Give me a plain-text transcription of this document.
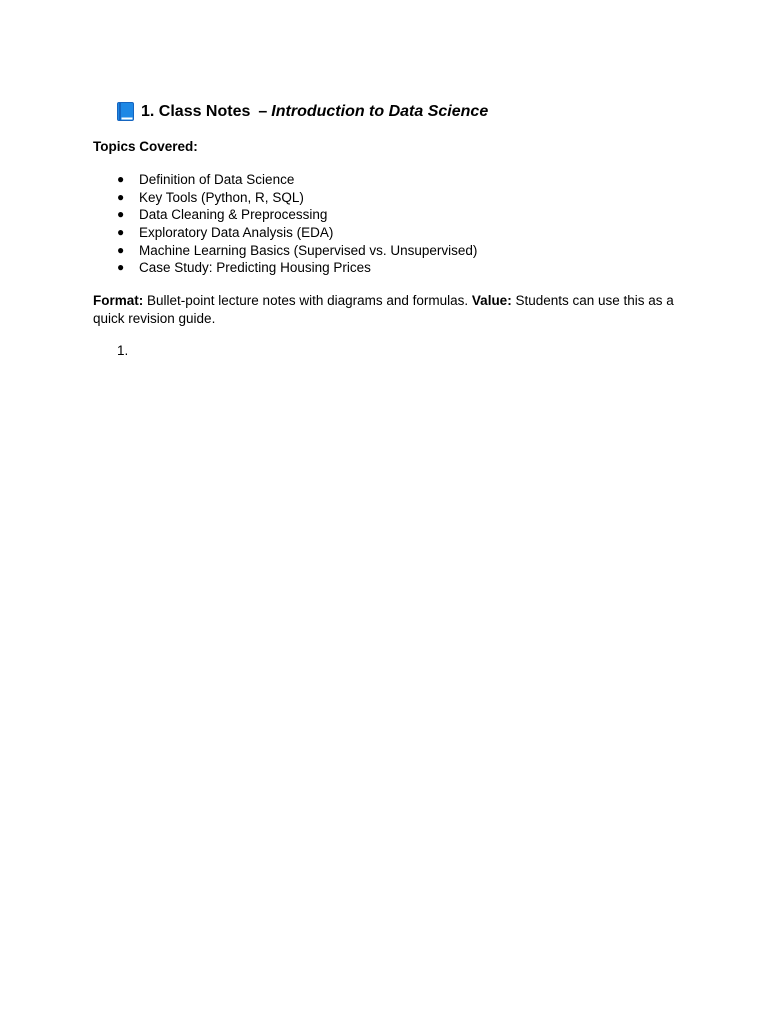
1. Class Notes – Introduction to Data Science
Topics Covered:
● Definition of Data Science
● Key Tools (Python, R, SQL)
● Data Cleaning & Preprocessing
● Exploratory Data Analysis (EDA)
● Machine Learning Basics (Supervised vs. Unsupervised)
● Case Study: Predicting Housing Prices

Format: Bullet-point lecture notes with diagrams and formulas. Value: Students can use this as a quick revision guide.

1.
